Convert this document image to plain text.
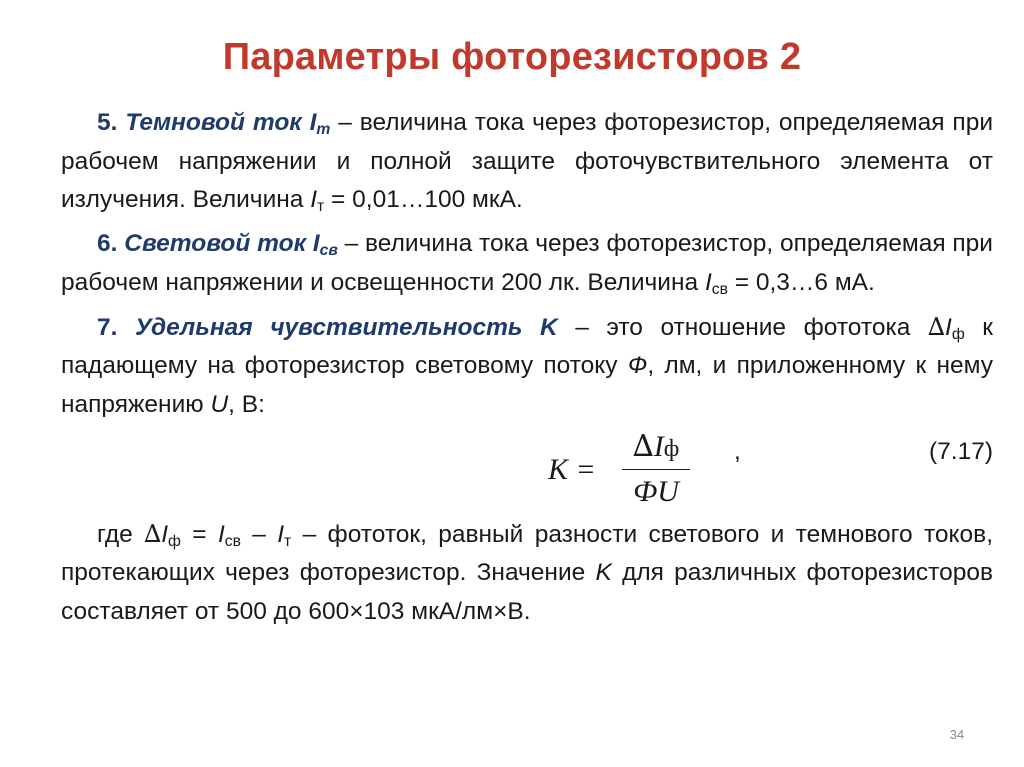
Параметры фоторезисторов 2

5. Темновой ток $I_т$ – величина тока через фоторезистор, определяемая при рабочем напряжении и полной защите фоточувствительного элемента от излучения. Величина $I_т$ = 0,01…100 мкА.

6. Световой ток $I_{св}$ – величина тока через фоторезистор, определяемая при рабочем напряжении и освещенности 200 лк. Величина $I_{св}$ = 0,3…6 мА.

7. Удельная чувствительность K – это отношение фототока $\Delta I_ф$ к падающему на фоторезистор световому потоку Ф, лм, и приложенному к нему напряжению U, В:

K =
∆Iф
ФU
,	(7.17)

где $\Delta I_ф = I_{св} - I_т$ – фототок, равный разности светового и темнового токов, протекающих через фоторезистор. Значение K для различных фоторезисторов составляет от 500 до 600×103 мкА/лм×В.

34
